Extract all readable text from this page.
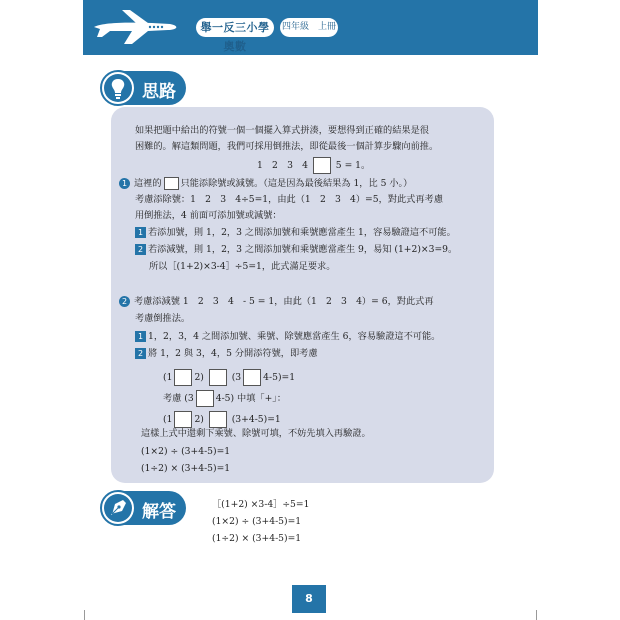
舉一反三小學奧數
四年級　上冊
思路
如果把題中給出的符號一個一個擺入算式拼湊，要想得到正確的結果是很
困難的。解這類問題，我們可採用倒推法，即從最後一個計算步驟向前推。
1　2　3　4	5 = 1。
1 這裡的 只能添除號或減號。（這是因為最後結果為 1，比 5 小。）
考慮添除號：1　2　3　4÷5=1，由此（1　2　3　4）=5，對此式再考慮
用倒推法，4 前面可添加號或減號：
1 若添加號，則 1，2，3 之間添加號和乘號應當產生 1，容易驗證這不可能。
2 若添減號，則 1，2，3 之間添加號和乘號應當產生 9，易知 (1+2)×3=9。
所以［(1+2)×3-4］÷5=1，此式滿足要求。
2 考慮添減號 1　2　3　4　- 5 = 1，由此（1　2　3　4）= 6，對此式再
考慮倒推法。
1 1，2，3，4 之間添加號、乘號、除號應當產生 6，容易驗證這不可能。
2 將 1，2 與 3，4，5 分開添符號，即考慮
(1 2)	(3 4-5)=1
考慮 (3 4-5) 中填「+」：
(1 2)	(3+4-5)=1
這樣上式中還剩下乘號、除號可填，不妨先填入再驗證。
(1×2) ÷ (3+4-5)=1
(1÷2) × (3+4-5)=1
解答	［(1+2) ×3-4］÷5=1
(1×2) ÷ (3+4-5)=1
(1÷2) × (3+4-5)=1
8
